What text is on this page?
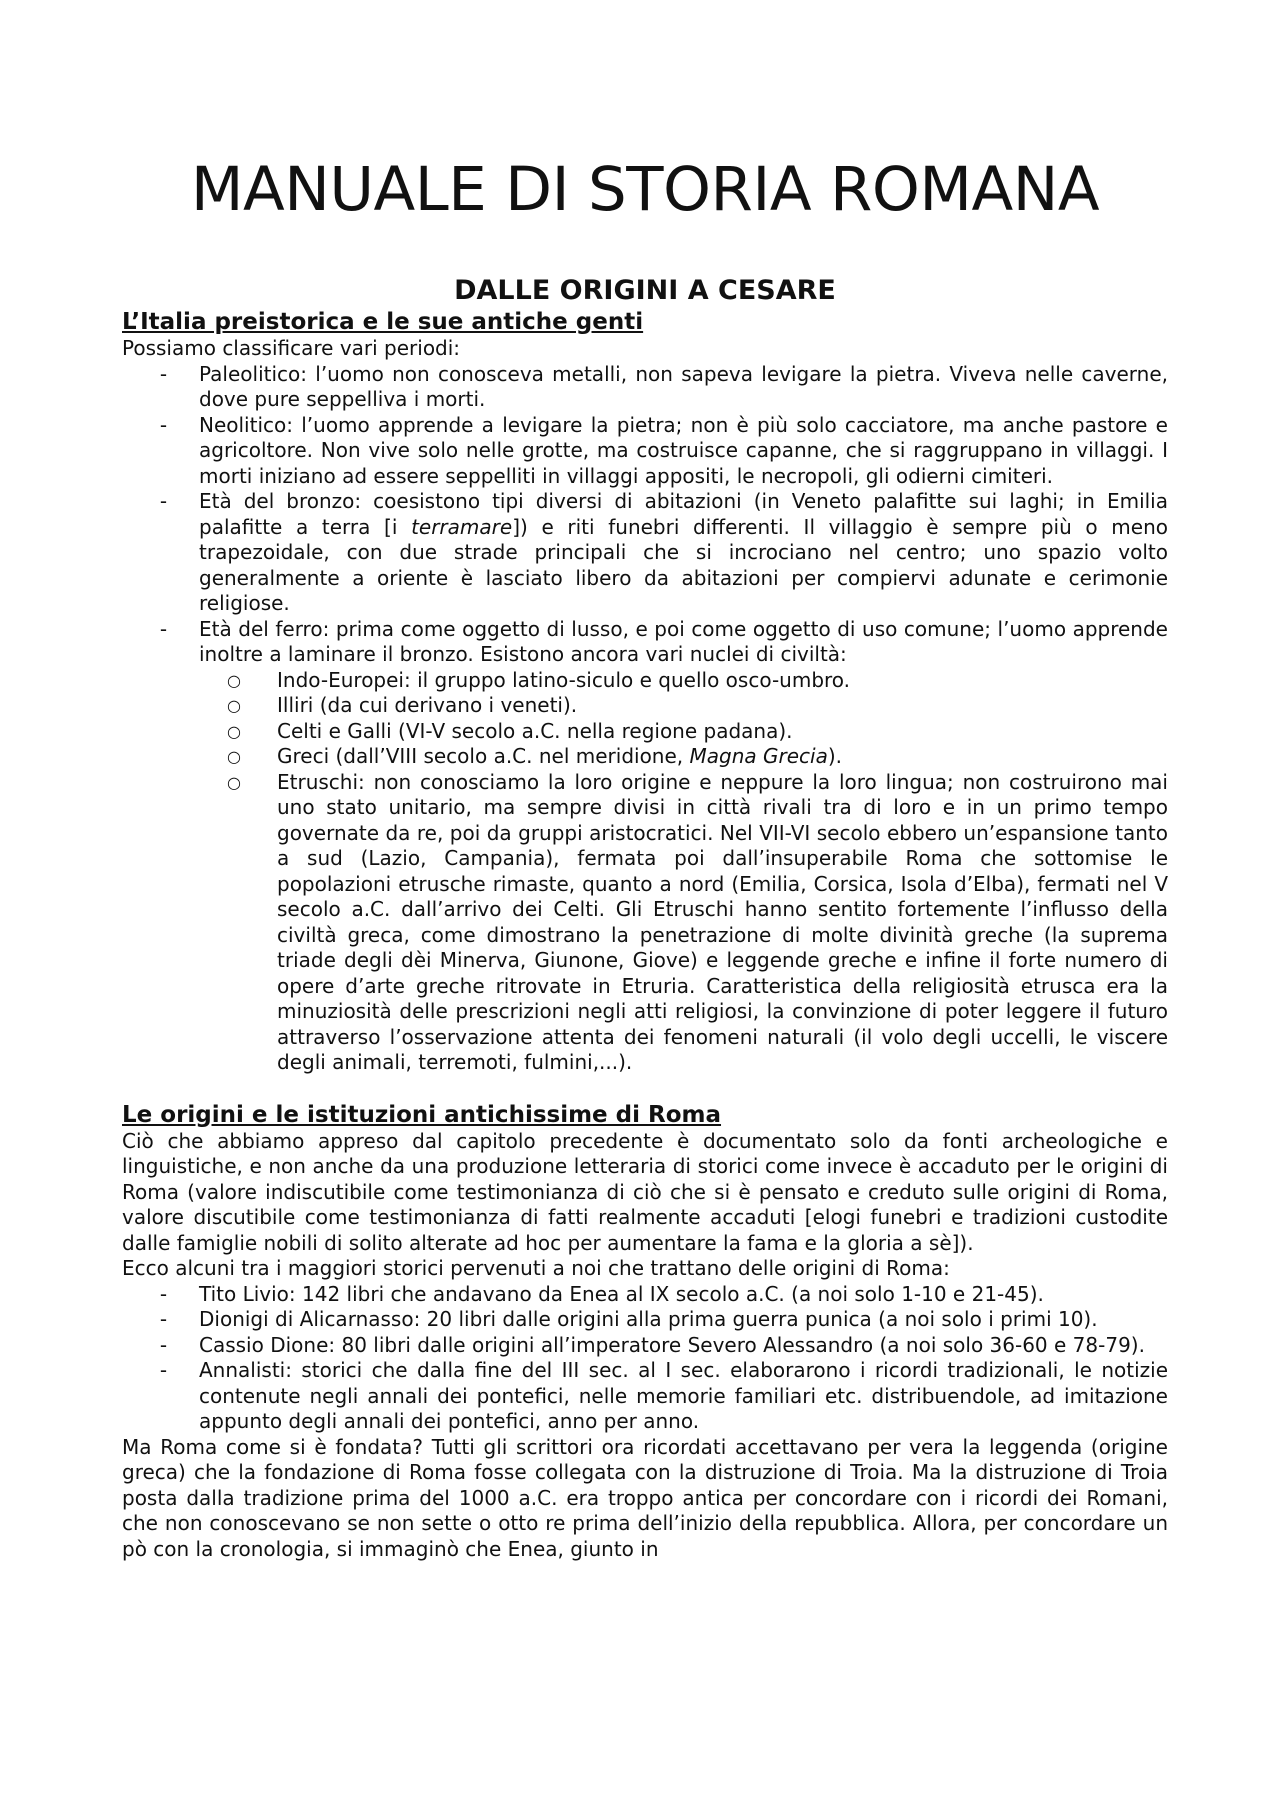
MANUALE DI STORIA ROMANA
DALLE ORIGINI A CESARE
L’Italia preistorica e le sue antiche genti

Possiamo classificare vari periodi:

- Paleolitico: l’uomo non conosceva metalli, non sapeva levigare la pietra. Viveva nelle caverne, dove pure seppelliva i morti.
- Neolitico: l’uomo apprende a levigare la pietra; non è più solo cacciatore, ma anche pastore e agricoltore. Non vive solo nelle grotte, ma costruisce capanne, che si raggruppano in villaggi. I morti iniziano ad essere seppelliti in villaggi appositi, le necropoli, gli odierni cimiteri.
- Età del bronzo: coesistono tipi diversi di abitazioni (in Veneto palafitte sui laghi; in Emilia palafitte a terra [i terramare]) e riti funebri differenti. Il villaggio è sempre più o meno trapezoidale, con due strade principali che si incrociano nel centro; uno spazio volto generalmente a oriente è lasciato libero da abitazioni per compiervi adunate e cerimonie religiose.
- Età del ferro: prima come oggetto di lusso, e poi come oggetto di uso comune; l’uomo apprende inoltre a laminare il bronzo. Esistono ancora vari nuclei di civiltà:
○ Indo-Europei: il gruppo latino-siculo e quello osco-umbro.
○ Illiri (da cui derivano i veneti).
○ Celti e Galli (VI-V secolo a.C. nella regione padana).
○ Greci (dall’VIII secolo a.C. nel meridione, Magna Grecia).
○ Etruschi: non conosciamo la loro origine e neppure la loro lingua; non costruirono mai uno stato unitario, ma sempre divisi in città rivali tra di loro e in un primo tempo governate da re, poi da gruppi aristocratici. Nel VII-VI secolo ebbero un’espansione tanto a sud (Lazio, Campania), fermata poi dall’insuperabile Roma che sottomise le popolazioni etrusche rimaste, quanto a nord (Emilia, Corsica, Isola d’Elba), fermati nel V secolo a.C. dall’arrivo dei Celti. Gli Etruschi hanno sentito fortemente l’influsso della civiltà greca, come dimostrano la penetrazione di molte divinità greche (la suprema triade degli dèi Minerva, Giunone, Giove) e leggende greche e infine il forte numero di opere d’arte greche ritrovate in Etruria. Caratteristica della religiosità etrusca era la minuziosità delle prescrizioni negli atti religiosi, la convinzione di poter leggere il futuro attraverso l’osservazione attenta dei fenomeni naturali (il volo degli uccelli, le viscere degli animali, terremoti, fulmini,...).
Le origini e le istituzioni antichissime di Roma

Ciò che abbiamo appreso dal capitolo precedente è documentato solo da fonti archeologiche e linguistiche, e non anche da una produzione letteraria di storici come invece è accaduto per le origini di Roma (valore indiscutibile come testimonianza di ciò che si è pensato e creduto sulle origini di Roma, valore discutibile come testimonianza di fatti realmente accaduti [elogi funebri e tradizioni custodite dalle famiglie nobili di solito alterate ad hoc per aumentare la fama e la gloria a sè]).

Ecco alcuni tra i maggiori storici pervenuti a noi che trattano delle origini di Roma:

- Tito Livio: 142 libri che andavano da Enea al IX secolo a.C. (a noi solo 1-10 e 21-45).
- Dionigi di Alicarnasso: 20 libri dalle origini alla prima guerra punica (a noi solo i primi 10).
- Cassio Dione: 80 libri dalle origini all’imperatore Severo Alessandro (a noi solo 36-60 e 78-79).
- Annalisti: storici che dalla fine del III sec. al I sec. elaborarono i ricordi tradizionali, le notizie contenute negli annali dei pontefici, nelle memorie familiari etc. distribuendole, ad imitazione appunto degli annali dei pontefici, anno per anno.

Ma Roma come si è fondata? Tutti gli scrittori ora ricordati accettavano per vera la leggenda (origine greca) che la fondazione di Roma fosse collegata con la distruzione di Troia. Ma la distruzione di Troia posta dalla tradizione prima del 1000 a.C. era troppo antica per concordare con i ricordi dei Romani, che non conoscevano se non sette o otto re prima dell’inizio della repubblica. Allora, per concordare un pò con la cronologia, si immaginò che Enea, giunto in
